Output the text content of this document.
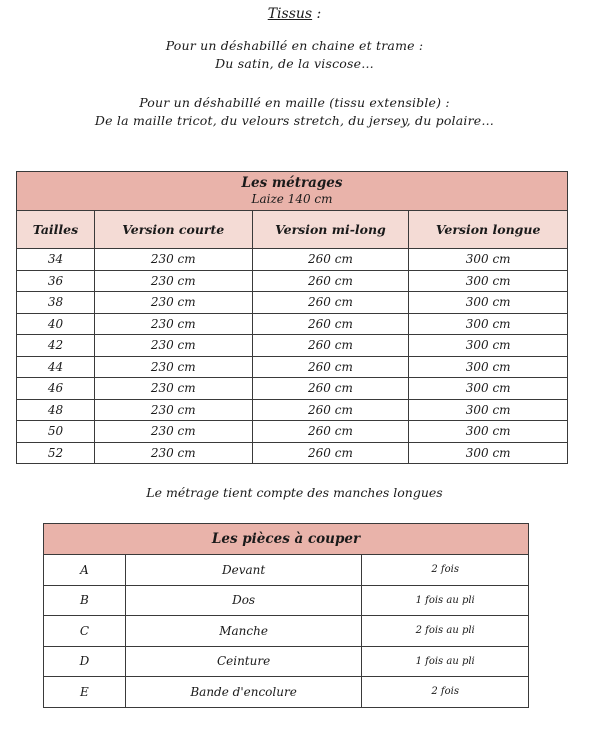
Tissus :
Pour un déshabillé en chaine et trame :
Du satin, de la viscose…
Pour un déshabillé en maille (tissu extensible) :
De la maille tricot, du velours stretch, du jersey, du polaire…
Les métrages
Laize 140 cm			

Tailles	Version courte	Version mi-long	Version longue
34	230 cm	260 cm	300 cm
36	230 cm	260 cm	300 cm
38	230 cm	260 cm	300 cm
40	230 cm	260 cm	300 cm
42	230 cm	260 cm	300 cm
44	230 cm	260 cm	300 cm
46	230 cm	260 cm	300 cm
48	230 cm	260 cm	300 cm
50	230 cm	260 cm	300 cm
52	230 cm	260 cm	300 cm
Le métrage tient compte des manches longues
Les pièces à couper		
A	Devant	2 fois
B	Dos	1 fois au pli
C	Manche	2 fois au pli
D	Ceinture	1 fois au pli
E	Bande d'encolure	2 fois
